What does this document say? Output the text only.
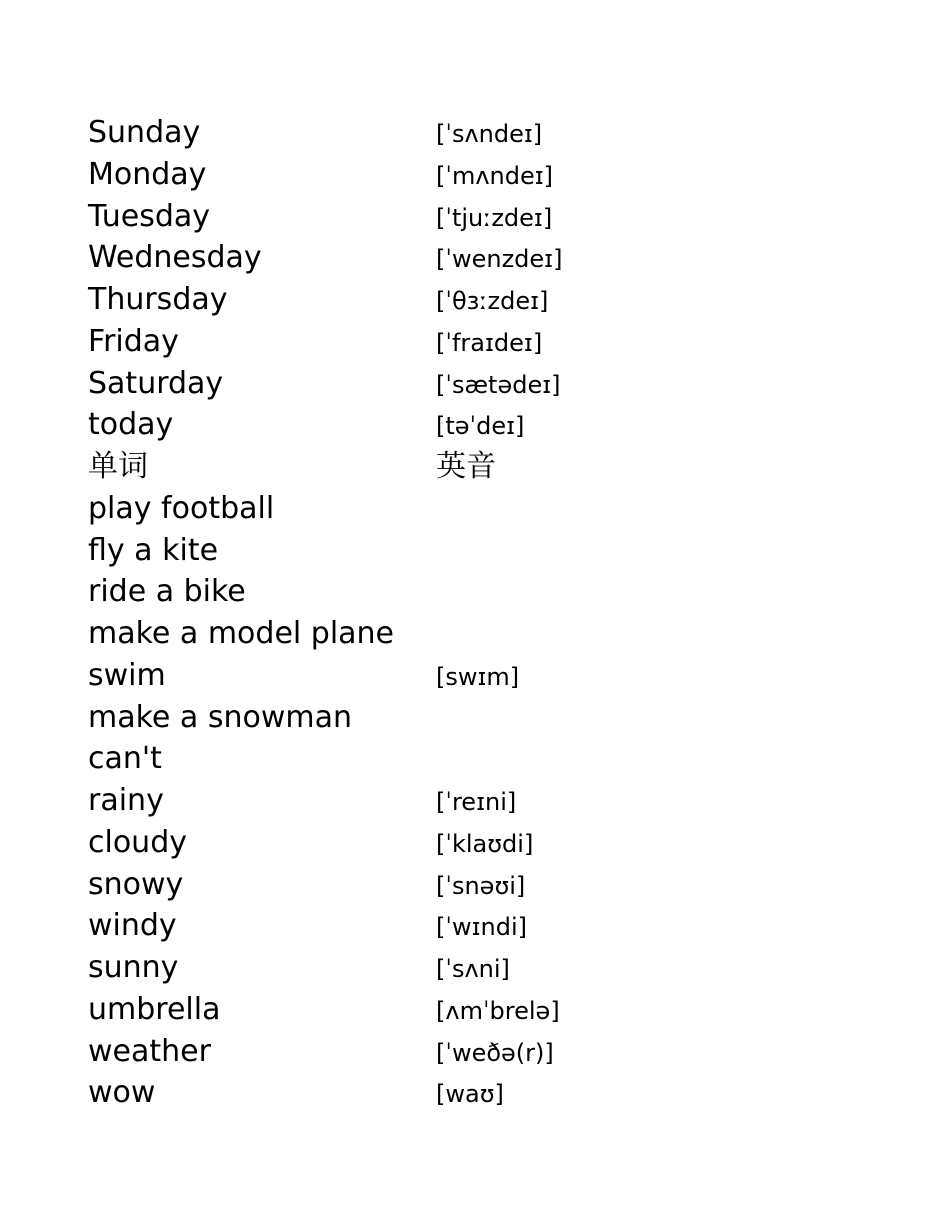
Sunday	[ˈsʌndeɪ]
Monday	[ˈmʌndeɪ]
Tuesday	[ˈtjuːzdeɪ]
Wednesday	[ˈwenzdeɪ]
Thursday	[ˈθɜːzdeɪ]
Friday	[ˈfraɪdeɪ]
Saturday	[ˈsætədeɪ]
today	[təˈdeɪ]
单词	英音
play football
fly a kite
ride a bike
make a model plane
swim	[swɪm]
make a snowman
can't
rainy	[ˈreɪni]
cloudy	[ˈklaʊdi]
snowy	[ˈsnəʊi]
windy	[ˈwɪndi]
sunny	[ˈsʌni]
umbrella	[ʌmˈbrelə]
weather	[ˈweðə(r)]
wow	[waʊ]
